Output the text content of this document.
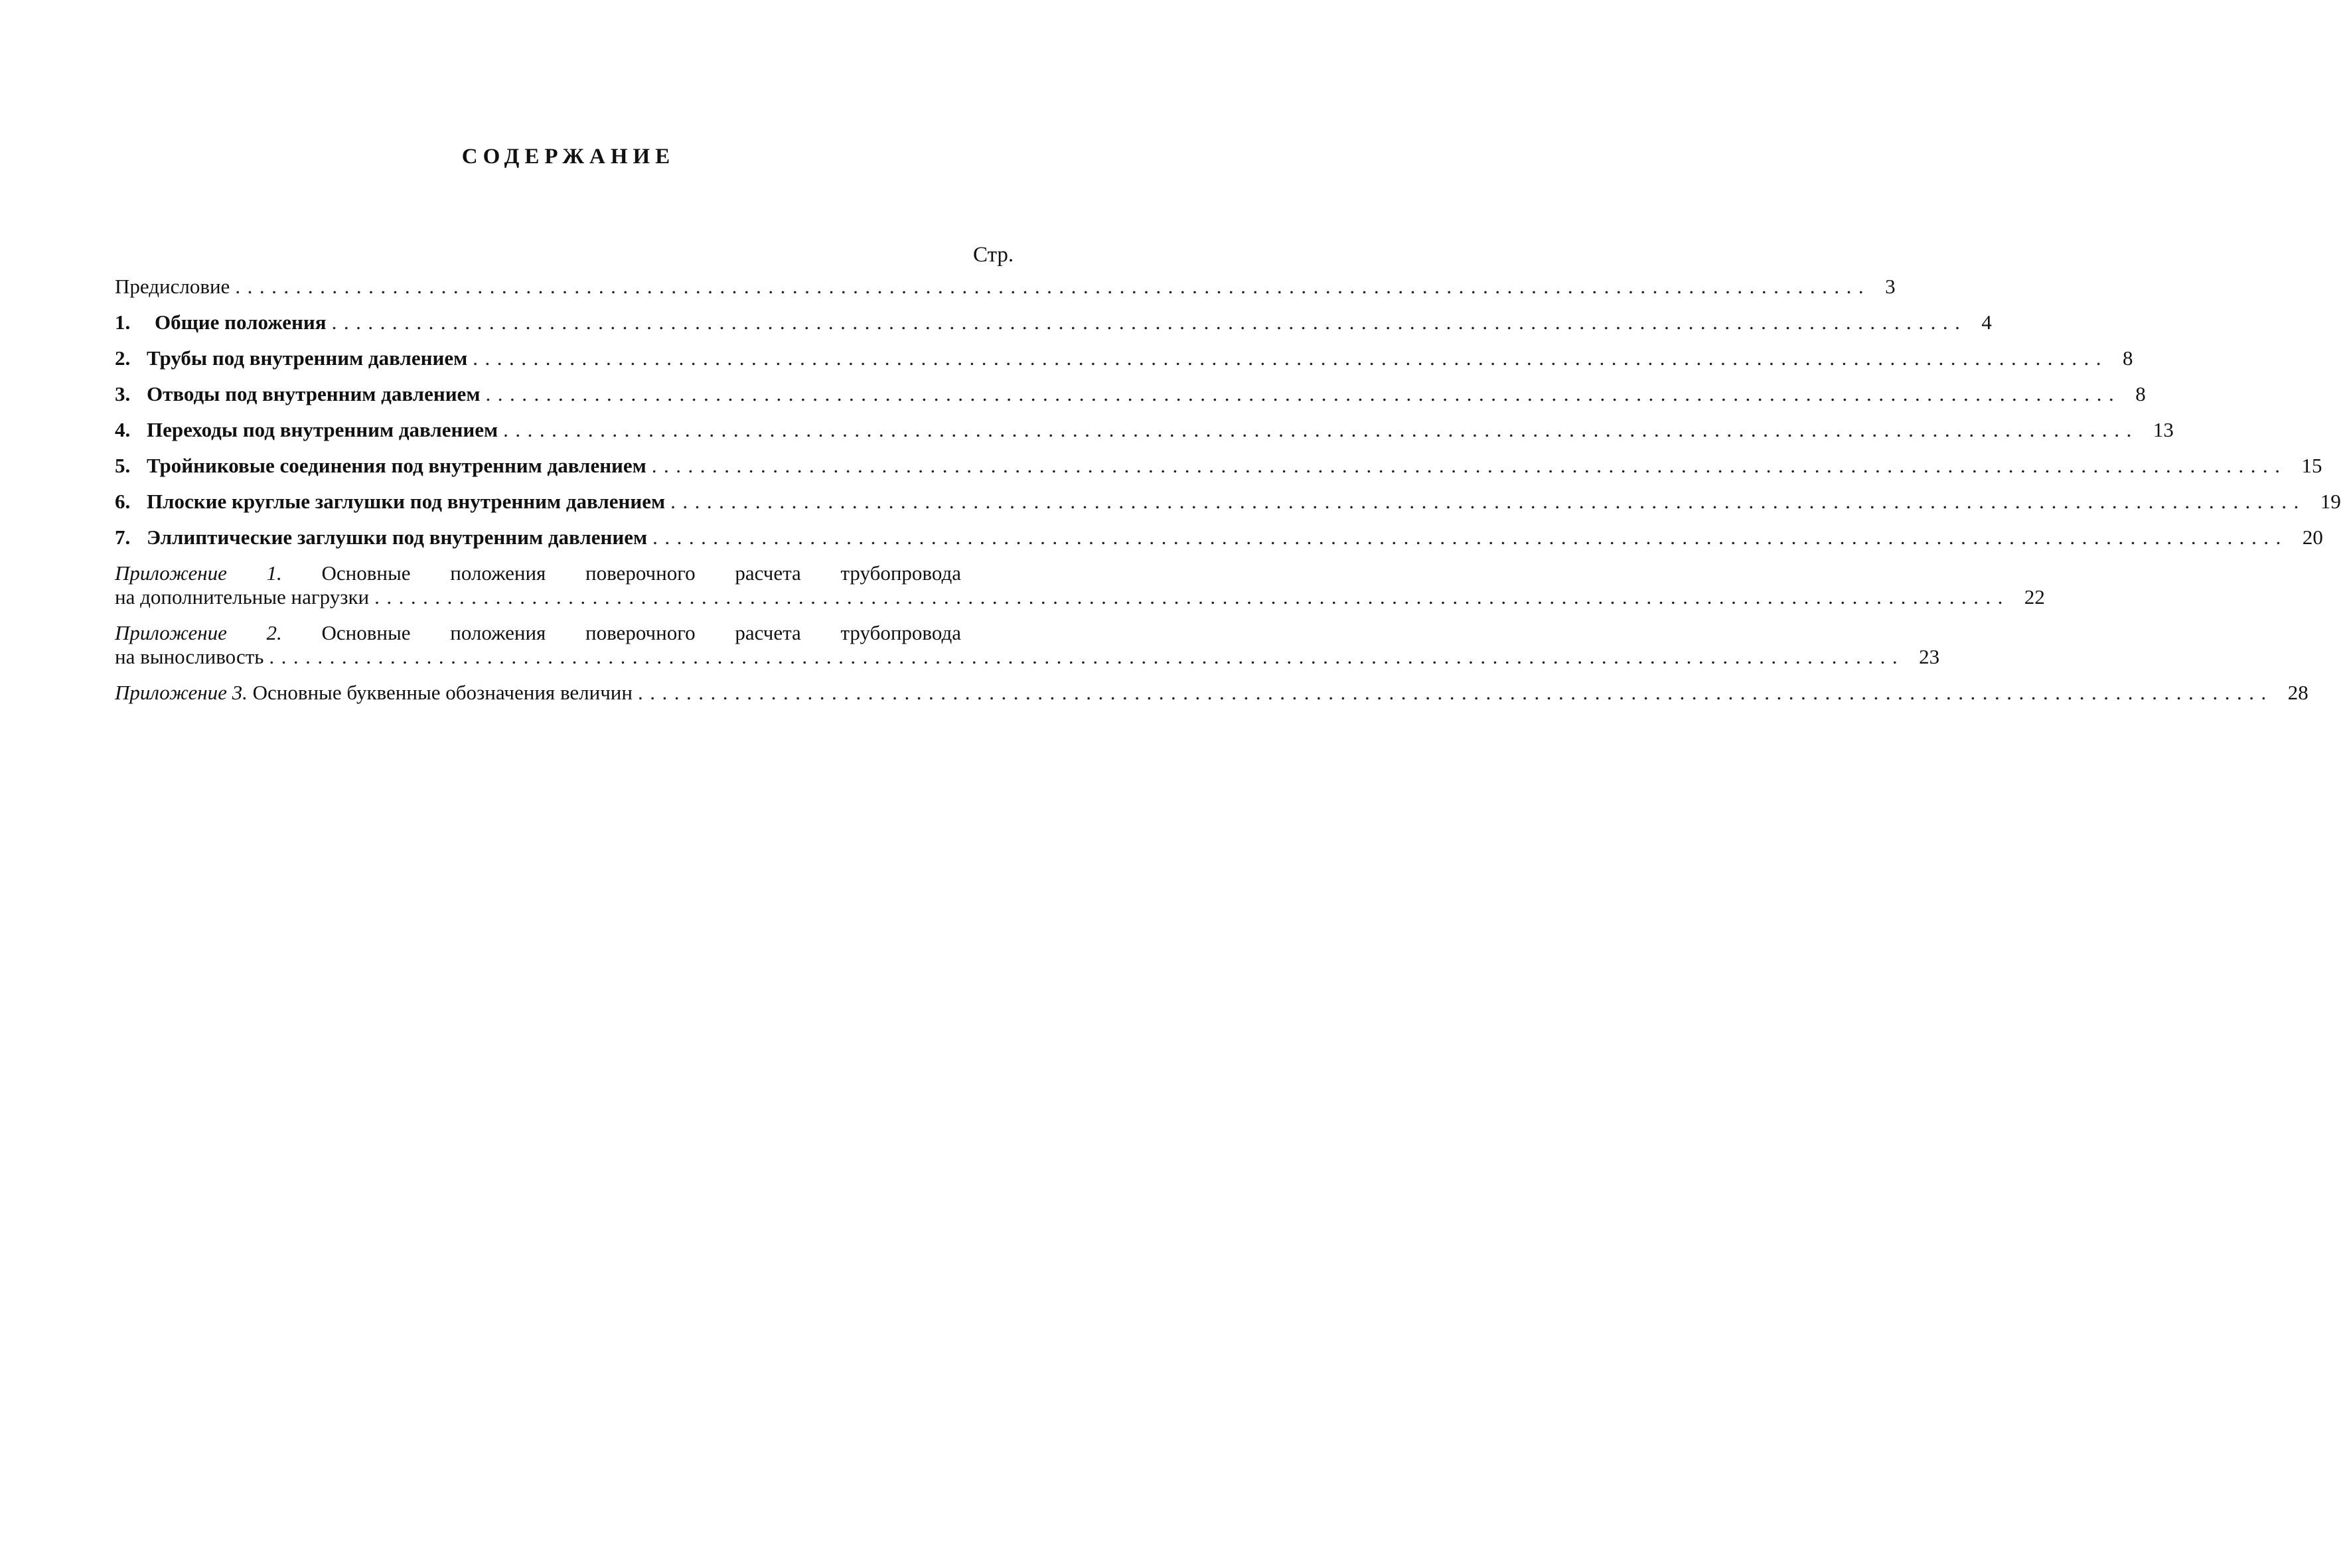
СОДЕРЖАНИЕ
Стр.
Предисловие ....................................................................................................................................... 3
1. Общие положения ....................................................................................................................................... 4
2. Трубы под внутренним давлением ....................................................................................................................................... 8
3. Отводы под внутренним давлением ....................................................................................................................................... 8
4. Переходы под внутренним давлением ....................................................................................................................................... 13
5. Тройниковые соединения под внутренним давлением ....................................................................................................................................... 15
6. Плоские круглые заглушки под внутренним давлением ....................................................................................................................................... 19
7. Эллиптические заглушки под внутренним давлением ....................................................................................................................................... 20
Приложение 1. Основные положения поверочного расчета трубопровода
на дополнительные нагрузки ....................................................................................................................................... 22
Приложение 2. Основные положения поверочного расчета трубопровода
на выносливость ....................................................................................................................................... 23
Приложение 3. Основные буквенные обозначения величин ....................................................................................................................................... 28
